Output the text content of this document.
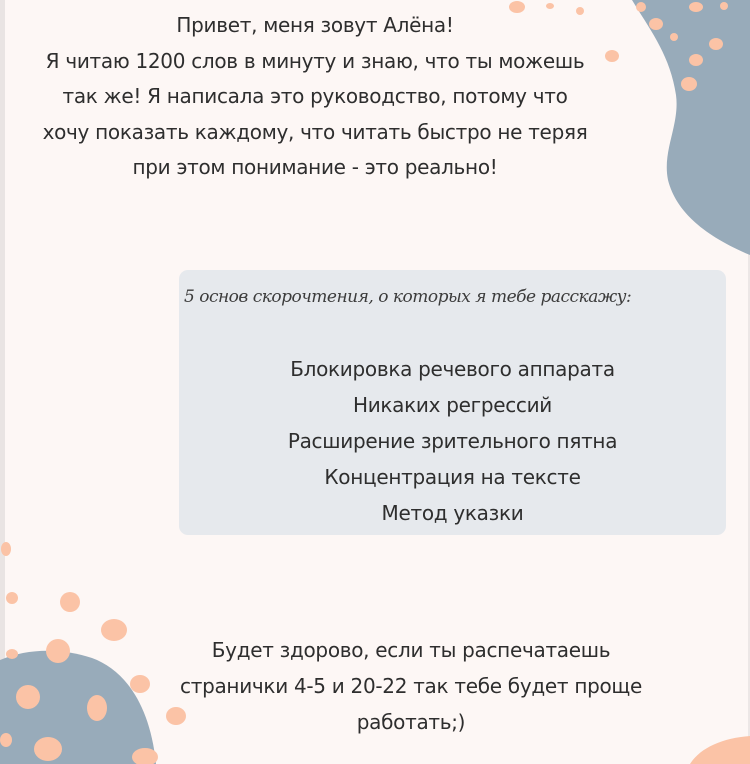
Привет, меня зовут Алёна!
Я читаю 1200 слов в минуту и знаю, что ты можешь
так же! Я написала это руководство, потому что
хочу показать каждому, что читать быстро не теряя
при этом понимание - это реально!
5 основ скорочтения, о которых я тебе расскажу:
Блокировка речевого аппарата
Никаких регрессий
Расширение зрительного пятна
Концентрация на тексте
Метод указки
Будет здорово, если ты распечатаешь
странички 4-5 и 20-22 так тебе будет проще
работать;)
